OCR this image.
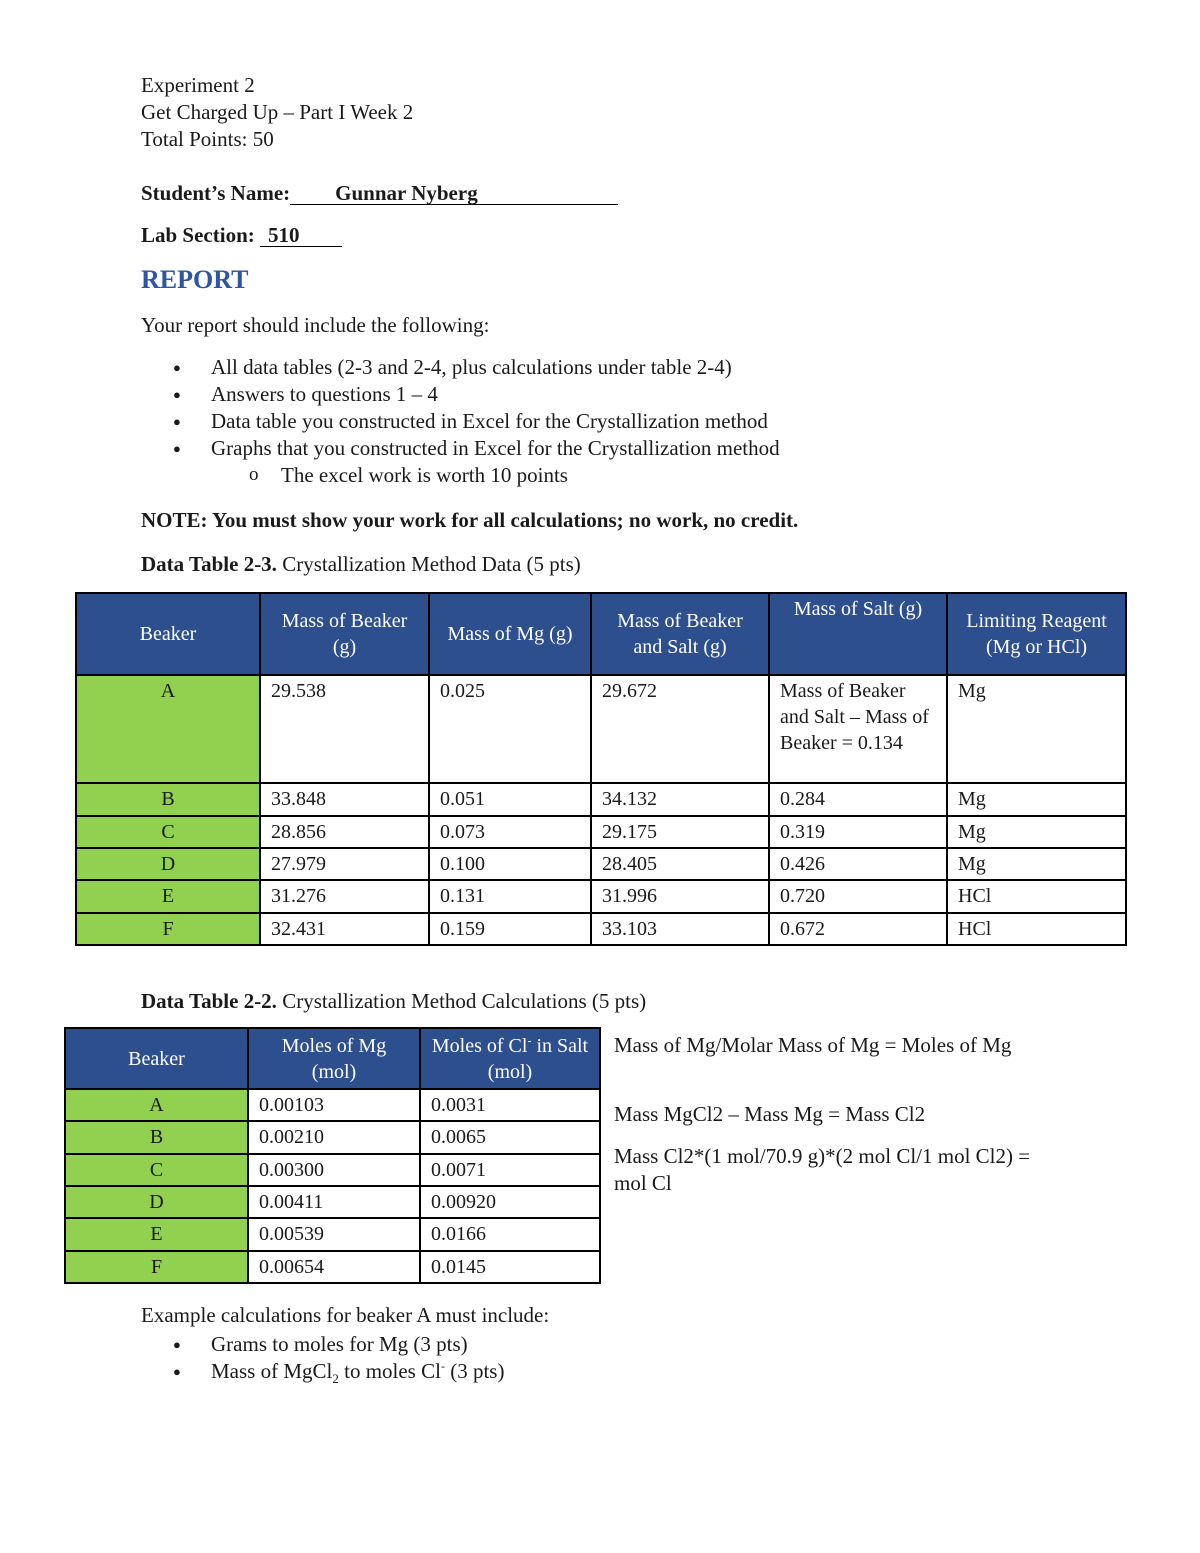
Experiment 2
Get Charged Up – Part I Week 2
Total Points: 50
Student’s Name: Gunnar Nyberg
Lab Section: 510
REPORT
Your report should include the following:
● All data tables (2-3 and 2-4, plus calculations under table 2-4)
● Answers to questions 1 – 4
● Data table you constructed in Excel for the Crystallization method
● Graphs that you constructed in Excel for the Crystallization method
o The excel work is worth 10 points
NOTE: You must show your work for all calculations; no work, no credit.
Data Table 2-3. Crystallization Method Data (5 pts)
Beaker	Mass of Beaker (g)	Mass of Mg (g)	Mass of Beaker and Salt (g)	Mass of Salt (g)	Limiting Reagent (Mg or HCl)
A	29.538	0.025	29.672	Mass of Beaker and Salt – Mass of Beaker = 0.134	Mg
B	33.848	0.051	34.132	0.284	Mg
C	28.856	0.073	29.175	0.319	Mg
D	27.979	0.100	28.405	0.426	Mg
E	31.276	0.131	31.996	0.720	HCl
F	32.431	0.159	33.103	0.672	HCl
Data Table 2-2. Crystallization Method Calculations (5 pts)
Beaker	Moles of Mg (mol)	Moles of Cl- in Salt (mol)
A	0.00103	0.0031
B	0.00210	0.0065
C	0.00300	0.0071
D	0.00411	0.00920
E	0.00539	0.0166
F	0.00654	0.0145
Mass of Mg/Molar Mass of Mg = Moles of Mg
Mass MgCl2 – Mass Mg = Mass Cl2
Mass Cl2*(1 mol/70.9 g)*(2 mol Cl/1 mol Cl2) = mol Cl
Example calculations for beaker A must include:
● Grams to moles for Mg (3 pts)
● Mass of MgCl$_2$ to moles Cl- (3 pts)
